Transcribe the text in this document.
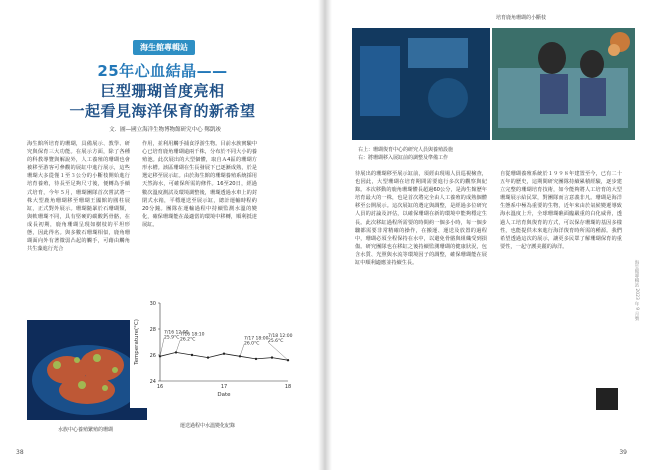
海生館專輯站
25年心血結晶——
巨型珊瑚首度亮相
一起看見海洋保育的新希望
文．圖—國立海洋生物博物館研究中心 鄭凱竣
海生館所培育的珊瑚，具備展示、教學、研究與保育三大功能。在展示方面，除了各種的科教導覽與解說外，人工養殖的珊瑚也會被移至游客可參觀的展缸中進行展示，這些珊瑚大多從僅１至３公分的小斷枝開始進行培育養殖，待長至足夠尺寸後，便轉為手續式培育，今年５月，珊瑚團隊首次嘗試將一株大型鹿角珊瑚移至珊瑚王國館的圓柱展缸，正式對外展示。珊瑚隨暴於石珊瑚類，與軟珊瑚不同，具有堅硬的碳酸鈣骨骼，在成長初期，鹿角珊瑚呈現如樹枝的平坦形態，因此得名。與多數石珊瑚相似，鹿角珊瑚面向外有著微弱凸起的觸手，可藉由觸角共生藻進行光合
作用，並利用觸手捕食浮游生物。目前水族實驗中心已培育鹿角珊瑚逾兩千株，分布於不同大小的養殖池。此次展出的大型個體，取自Ａ4區的珊瑚方形水槽。該區珊瑚在生長發展下已逐漸成熟，於是選定移至展示缸。由於海生館的珊瑚養殖系統採用天然海水，可確保所需的條件。16至20日，經過數次溫度測試及環境調整後，珊瑚透過水車上的封閉式水箱，平穩運送至展示缸，總計運輸時程約20分鐘。團隊在運輸過程中持續監測水溫的變化，確保珊瑚能在最適當的環境中移轉，順利抵達展缸。
水族中心養殖繁殖的珊瑚
24
26
28
30
16	17	18
Date
Temperature(°C)	7/16 18:10
26.2°C
7/16 12:00
25.9°C	7/17 18:00
26.0°C
7/18 12:00
25.6°C
運送過程中水溫變化紀錄
38
培育鹿角珊瑚的小斷枝
右上：珊瑚復育中心的研究人員與養殖設施
右：將珊瑚移入展缸前的調整及準備工作
待展出的珊瑚移至展示缸前，須經由現場人員巡視檢查，也因此，大型珊瑚在培育期間需要進行多次的觀察與紀錄。本次移動的鹿角珊瑚體長超過60公分，是海生館歷年培育最大的一株，也是首次將完全由人工養殖的成熟個體移至公開展示。這次展缸的選定與調整，是經過多位研究人員的討論及評估，以確保珊瑚在新的環境中能夠穩定生長。此次移缸過程所需要的時間約一個多小時，每一個步驟都需要非常精確的操作，在搬運、運送及放置的過程中，珊瑚必須全程保持在水中，以避免骨骼與組織受到損傷。研究團隊也在移缸之後持續監測珊瑚的健康狀況，包含水質、光照與水流等環境因子的調整，確保珊瑚能在展缸中順利適應並持續生長。
自從珊瑚養殖系統於１９９８年建置至今，已有二十五年的歷史，這期間研究團隊持續累積經驗，逐步建立完整的珊瑚培育技術，如今能夠將人工培育的大型珊瑚展示給民眾，對團隊而言意義非凡。珊瑚是海洋生態系中極為重要的生物，近年來由於氣候變遷導致海水溫度上升，全球珊瑚礁面臨嚴重的白化威脅，透過人工培育與復育的方式，可以保存珊瑚的基因多樣性，也能提供未來進行海洋復育時所需的種源。我們希望透過這次的展示，讓更多民眾了解珊瑚保育的重要性，一起守護美麗的海洋。
海生館專輯站 2023 年 9 月號
39
